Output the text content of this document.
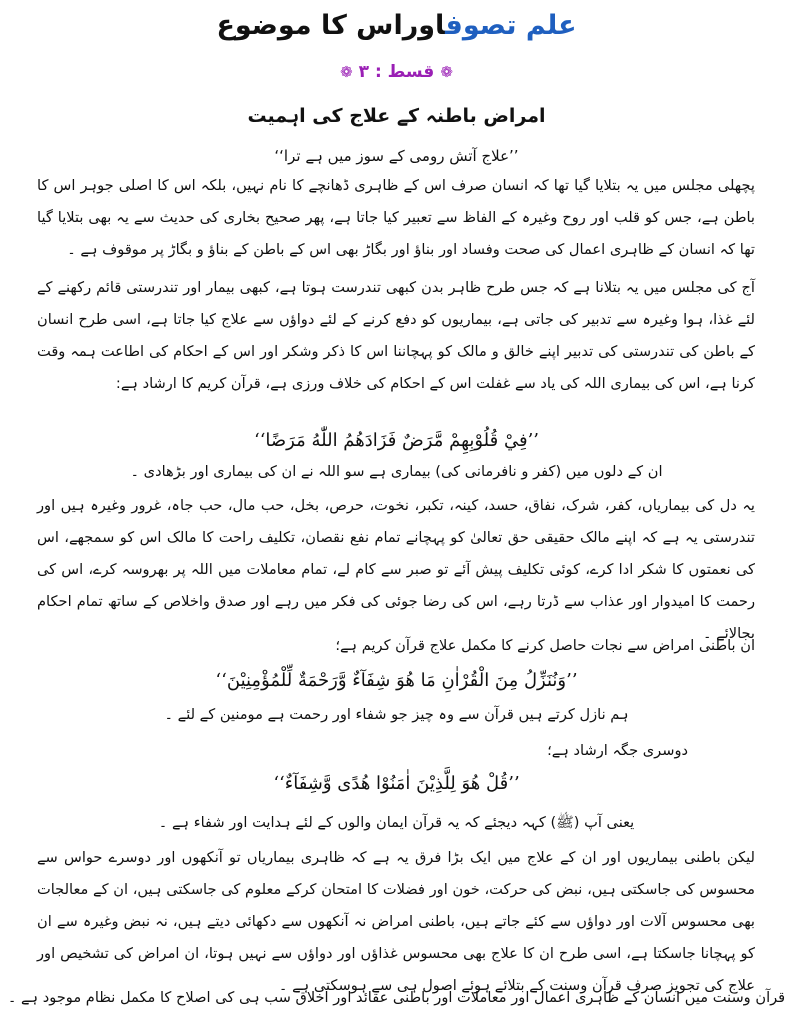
علم تصوفاوراس کا موضوع
❁قسط : ۳❁
امراض باطنہ کے علاج کی اہمیت
’’علاج آتش رومی کے سوز میں ہے ترا‘‘
پچھلی مجلس میں یہ بتلایا گیا تھا کہ انسان صرف اس کے ظاہری ڈھانچے کا نام نہیں، بلکہ اس کا اصلی جوہر اس کا باطن ہے، جس کو قلب اور روح وغیرہ کے الفاظ سے تعبیر کیا جاتا ہے، پھر صحیح بخاری کی حدیث سے یہ بھی بتلایا گیا تھا کہ انسان کے ظاہری اعمال کی صحت وفساد اور بناؤ اور بگاڑ بھی اس کے باطن کے بناؤ و بگاڑ پر موقوف ہے ۔
آج کی مجلس میں یہ بتلانا ہے کہ جس طرح ظاہر بدن کبھی تندرست ہوتا ہے، کبھی بیمار اور تندرستی قائم رکھنے کے لئے غذا، ہوا وغیرہ سے تدبیر کی جاتی ہے، بیماریوں کو دفع کرنے کے لئے دواؤں سے علاج کیا جاتا ہے، اسی طرح انسان کے باطن کی تندرستی کی تدبیر اپنے خالق و مالک کو پہچاننا اس کا ذکر وشکر اور اس کے احکام کی اطاعت ہمہ وقت کرنا ہے، اس کی بیماری اللہ کی یاد سے غفلت اس کے احکام کی خلاف ورزی ہے، قرآن کریم کا ارشاد ہے:
’’فِيْ قُلُوْبِهِمْ مَّرَضٌ فَزَادَهُمُ اللّٰهُ مَرَضًا‘‘
ان کے دلوں میں (کفر و نافرمانی کی) بیماری ہے سو اللہ نے ان کی بیماری اور بڑھادی ۔
یہ دل کی بیماریاں، کفر، شرک، نفاق، حسد، کینہ، تکبر، نخوت، حرص، بخل، حب مال، حب جاہ، غرور وغیرہ ہیں اور تندرستی یہ ہے کہ اپنے مالک حقیقی حق تعالیٰ کو پہچانے تمام نفع نقصان، تکلیف راحت کا مالک اس کو سمجھے، اس کی نعمتوں کا شکر ادا کرے، کوئی تکلیف پیش آئے تو صبر سے کام لے، تمام معاملات میں اللہ پر بھروسہ کرے، اس کی رحمت کا امیدوار اور عذاب سے ڈرتا رہے، اس کی رضا جوئی کی فکر میں رہے اور صدق واخلاص کے ساتھ تمام احکام بجالائے ۔
ان باطنی امراض سے نجات حاصل کرنے کا مکمل علاج قرآن کریم ہے؛
’’وَنُنَزِّلُ مِنَ الْقُرْاٰنِ مَا هُوَ شِفَآءٌ وَّرَحْمَةٌ لِّلْمُؤْمِنِيْنَ‘‘
ہم نازل کرتے ہیں قرآن سے وہ چیز جو شفاء اور رحمت ہے مومنین کے لئے ۔
دوسری جگہ ارشاد ہے؛
’’قُلْ هُوَ لِلَّذِيْنَ اٰمَنُوْا هُدًى وَّشِفَآءٌ‘‘
یعنی آپ (ﷺ) کہہ دیجئے کہ یہ قرآن ایمان والوں کے لئے ہدایت اور شفاء ہے ۔
لیکن باطنی بیماریوں اور ان کے علاج میں ایک بڑا فرق یہ ہے کہ ظاہری بیماریاں تو آنکھوں اور دوسرے حواس سے محسوس کی جاسکتی ہیں، نبض کی حرکت، خون اور فضلات کا امتحان کرکے معلوم کی جاسکتی ہیں، ان کے معالجات بھی محسوس آلات اور دواؤں سے کئے جاتے ہیں، باطنی امراض نہ آنکھوں سے دکھائی دیتے ہیں، نہ نبض وغیرہ سے ان کو پہچانا جاسکتا ہے، اسی طرح ان کا علاج بھی محسوس غذاؤں اور دواؤں سے نہیں ہوتا، ان امراض کی تشخیص اور علاج کی تجویز صرف قرآن وسنت کے بتلائے ہوئے اصول ہی سے ہوسکتی ہے ۔
قرآن وسنت میں انسان کے ظاہری اعمال اور معاملات اور باطنی عقائد اور اخلاق سب ہی کی اصلاح کا مکمل نظام موجود ہے ۔
